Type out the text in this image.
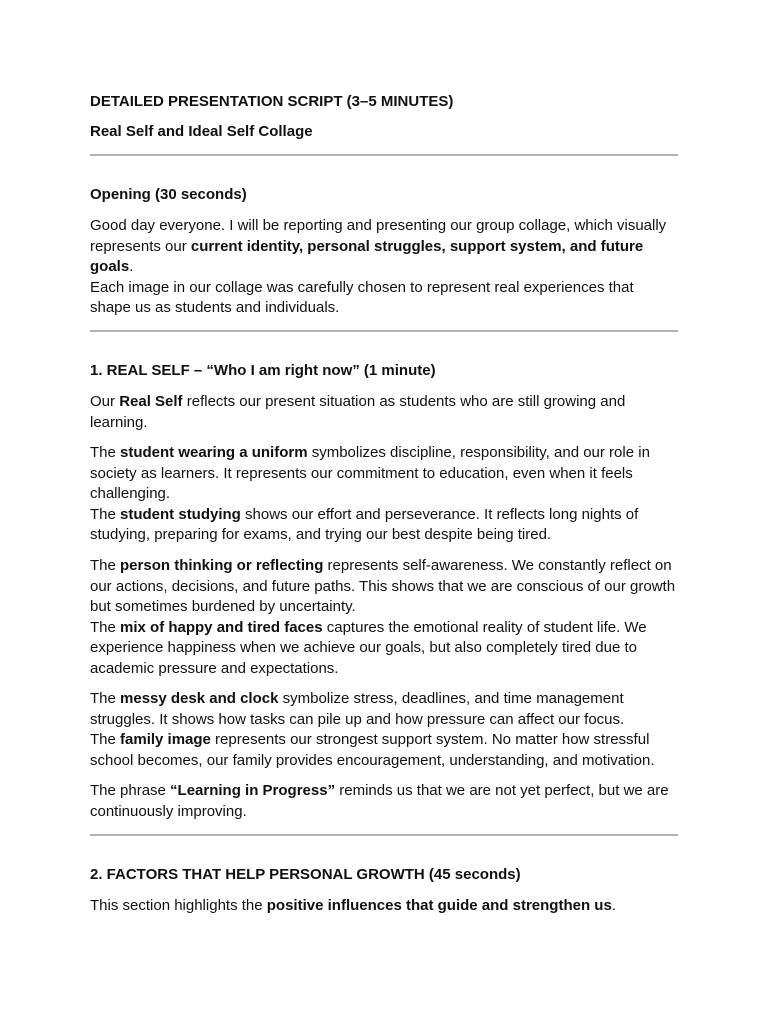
DETAILED PRESENTATION SCRIPT (3–5 MINUTES)

Real Self and Ideal Self Collage

Opening (30 seconds)

Good day everyone. I will be reporting and presenting our group collage, which visually represents our current identity, personal struggles, support system, and future goals.
Each image in our collage was carefully chosen to represent real experiences that shape us as students and individuals.

1. REAL SELF – “Who I am right now” (1 minute)

Our Real Self reflects our present situation as students who are still growing and learning.

The student wearing a uniform symbolizes discipline, responsibility, and our role in society as learners. It represents our commitment to education, even when it feels challenging.
The student studying shows our effort and perseverance. It reflects long nights of studying, preparing for exams, and trying our best despite being tired.

The person thinking or reflecting represents self-awareness. We constantly reflect on our actions, decisions, and future paths. This shows that we are conscious of our growth but sometimes burdened by uncertainty.
The mix of happy and tired faces captures the emotional reality of student life. We experience happiness when we achieve our goals, but also completely tired due to academic pressure and expectations.

The messy desk and clock symbolize stress, deadlines, and time management struggles. It shows how tasks can pile up and how pressure can affect our focus.
The family image represents our strongest support system. No matter how stressful school becomes, our family provides encouragement, understanding, and motivation.

The phrase “Learning in Progress” reminds us that we are not yet perfect, but we are continuously improving.

2. FACTORS THAT HELP PERSONAL GROWTH (45 seconds)

This section highlights the positive influences that guide and strengthen us.
